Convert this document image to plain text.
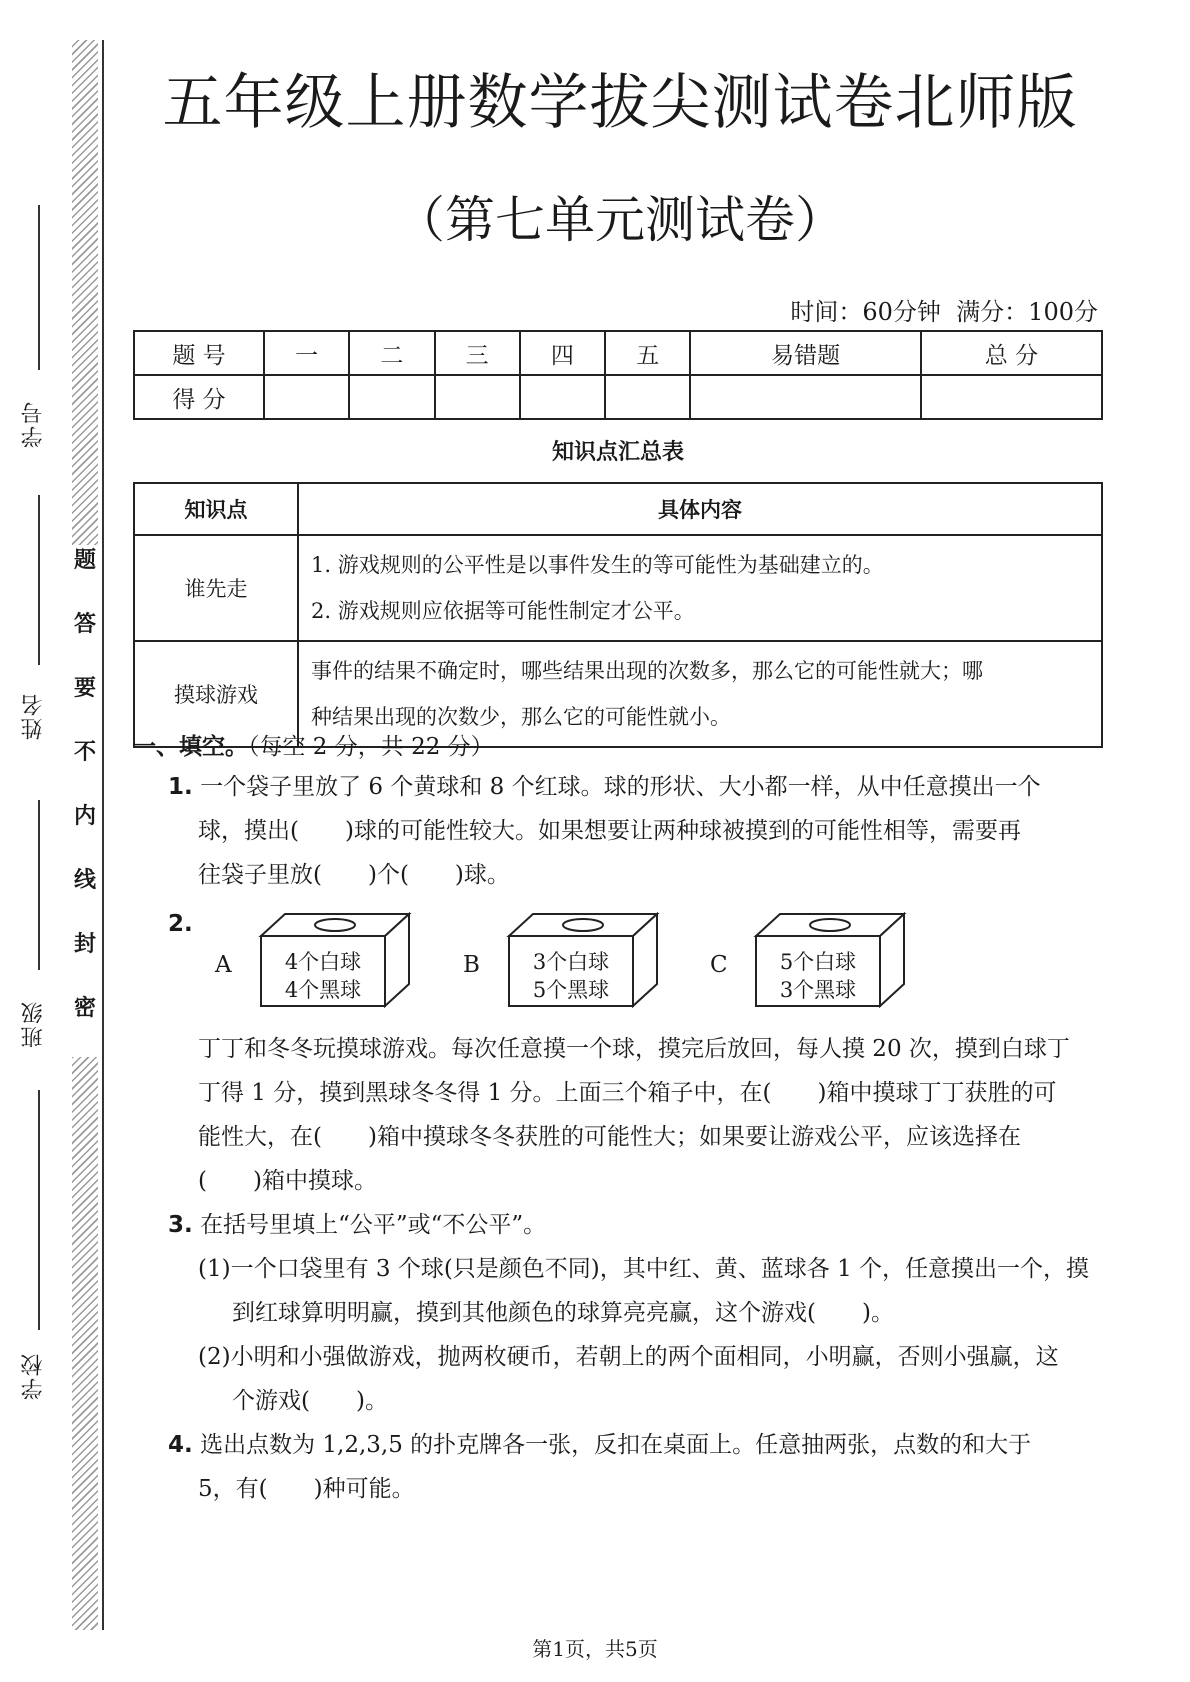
学号
姓名
班级
学校
题
答
要
不
内
线
封
密
五年级上册数学拔尖测试卷北师版
（第七单元测试卷）
时间：60分钟 满分：100分
题 号	一	二	三	四	五	易错题	总 分
得 分							
知识点汇总表
知识点	具体内容
谁先走	1. 游戏规则的公平性是以事件发生的等可能性为基础建立的。
2. 游戏规则应依据等可能性制定才公平。

摸球游戏	事件的结果不确定时，哪些结果出现的次数多，那么它的可能性就大；哪
种结果出现的次数少，那么它的可能性就小。
一、填空。（每空 2 分，共 22 分）
1. 一个袋子里放了 6 个黄球和 8 个红球。球的形状、大小都一样，从中任意摸出一个
球，摸出(　　)球的可能性较大。如果想要让两种球被摸到的可能性相等，需要再
往袋子里放(　　)个(　　)球。
2.
A	4个白球
4个黑球
B	3个白球
5个黑球
C 5个白球
3个黑球
丁丁和冬冬玩摸球游戏。每次任意摸一个球，摸完后放回，每人摸 20 次，摸到白球丁
丁得 1 分，摸到黑球冬冬得 1 分。上面三个箱子中，在(　　)箱中摸球丁丁获胜的可
能性大，在(　　)箱中摸球冬冬获胜的可能性大；如果要让游戏公平，应该选择在
(　　)箱中摸球。
3. 在括号里填上“公平”或“不公平”。
(1)一个口袋里有 3 个球(只是颜色不同)，其中红、黄、蓝球各 1 个，任意摸出一个，摸
到红球算明明赢，摸到其他颜色的球算亮亮赢，这个游戏(　　)。
(2)小明和小强做游戏，抛两枚硬币，若朝上的两个面相同，小明赢，否则小强赢，这
个游戏(　　)。
4. 选出点数为 1,2,3,5 的扑克牌各一张，反扣在桌面上。任意抽两张，点数的和大于
5，有(　　)种可能。
第1页，共5页
